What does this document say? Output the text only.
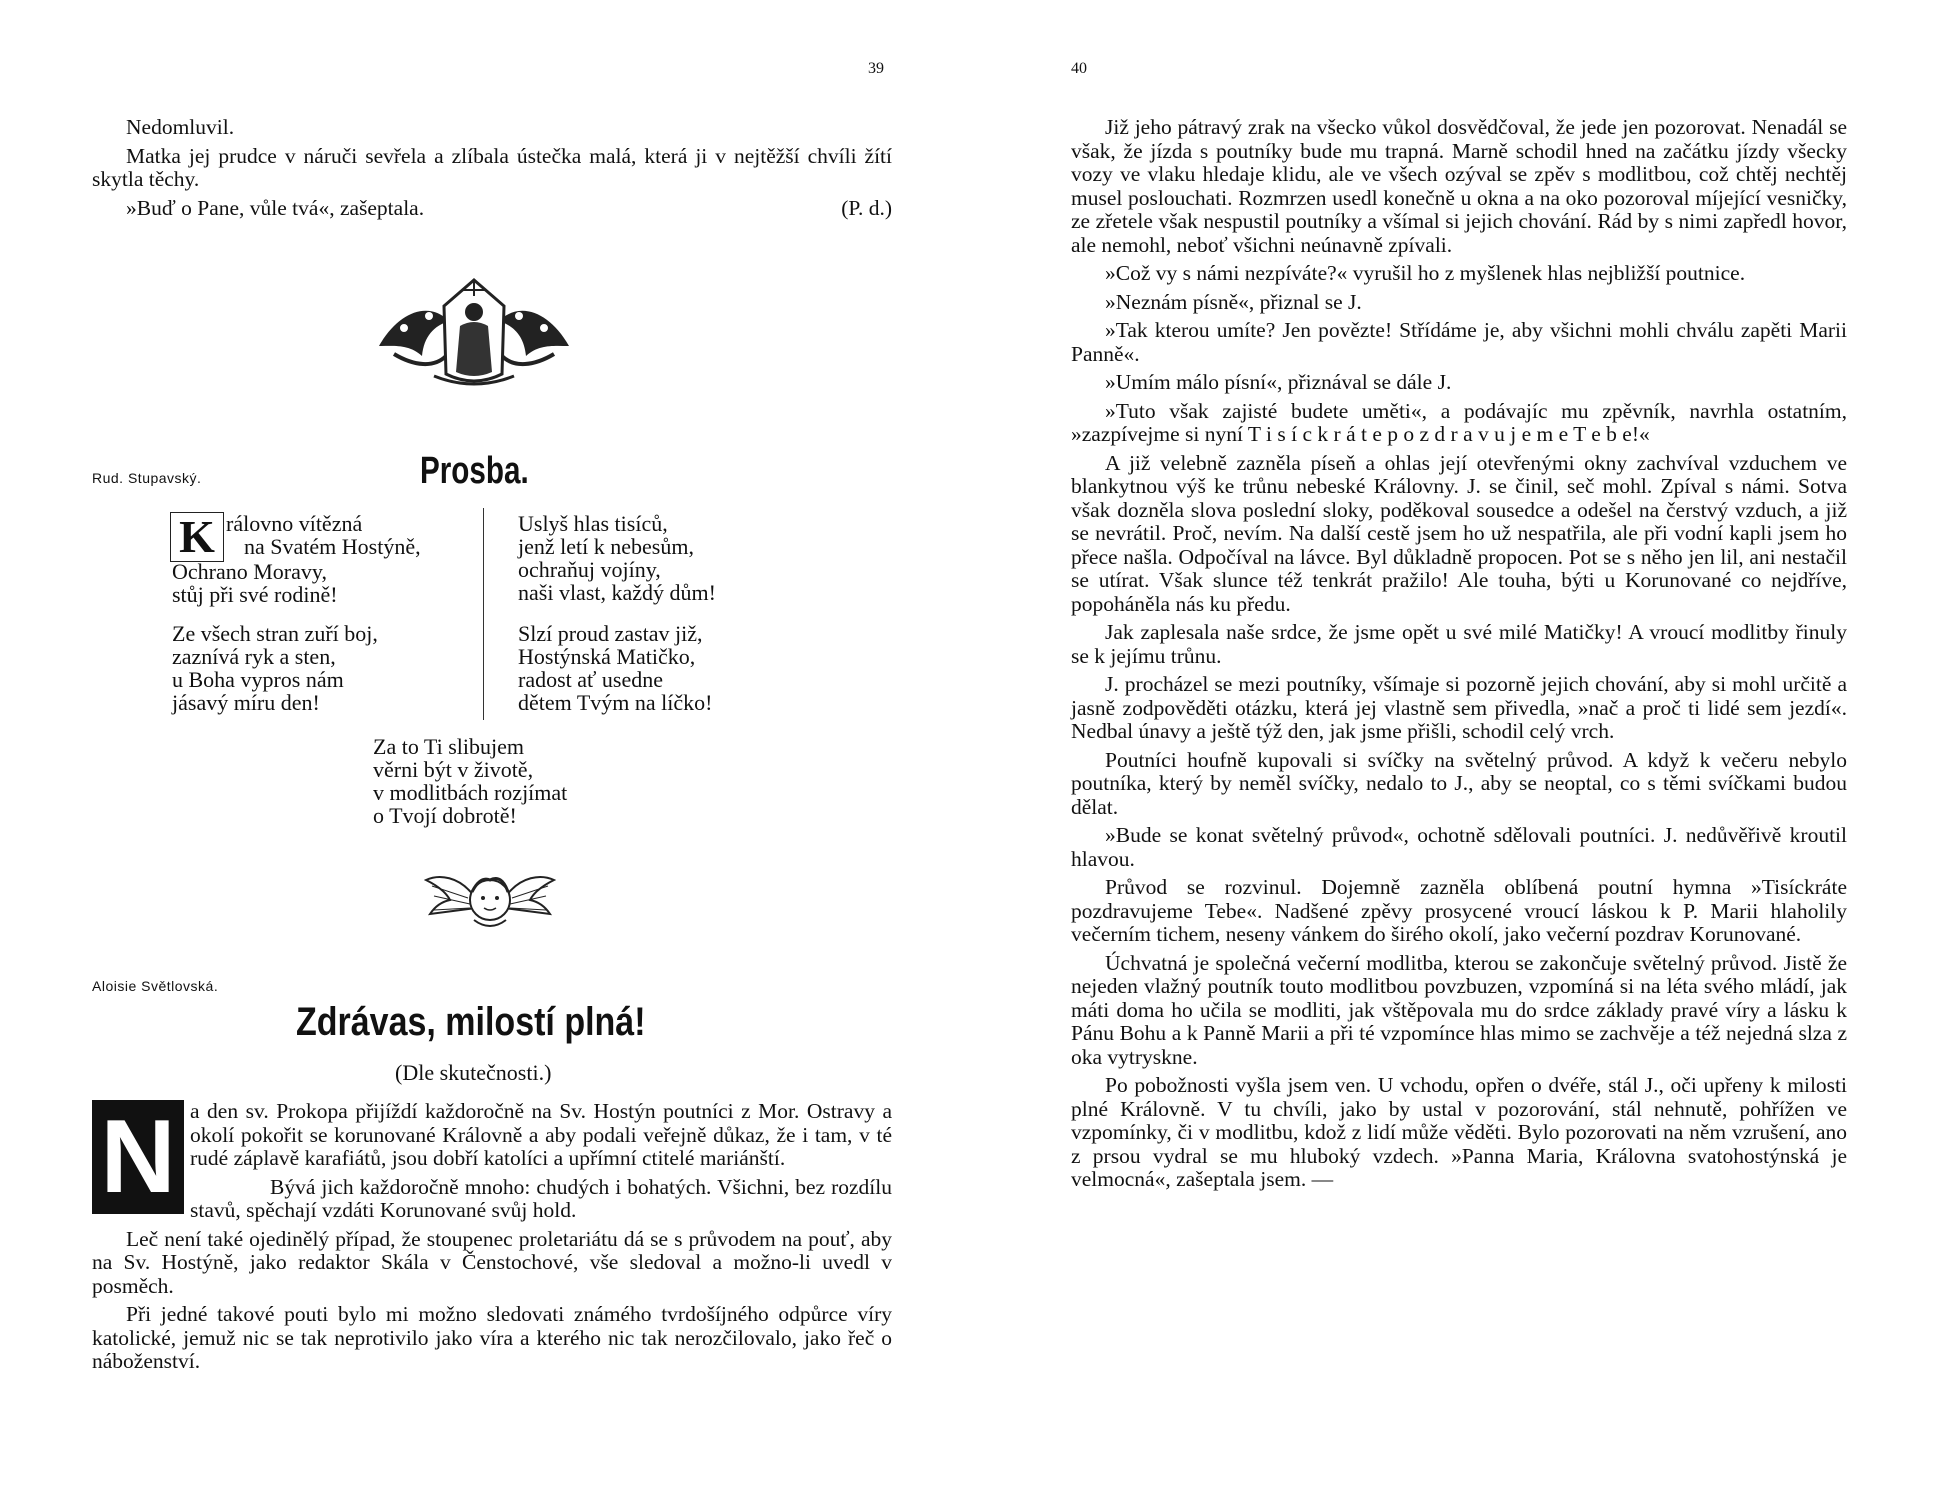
39

Nedomluvil.

Matka jej prudce v náruči sevřela a zlíbala ústečka malá, která ji v nejtěžší chvíli žítí skytla těchy.

»Buď o Pane, vůle tvá«, zašeptala.	(P. d.)
Rud. Stupavský.	Prosba.
K rálovno vítězná
na Svatém Hostýně,
Ochrano Moravy,
stůj při své rodině!
Ze všech stran zuří boj,
zaznívá ryk a sten,
u Boha vypros nám
jásavý míru den!
Uslyš hlas tisíců,
jenž letí k nebesům,
ochraňuj vojíny,
naši vlast, každý dům!
Slzí proud zastav již,
Hostýnská Matičko,
radost ať usedne
dětem Tvým na líčko!
Za to Ti slibujem
věrni být v životě,
v modlitbách rozjímat
o Tvojí dobrotě!
Aloisie Světlovská.
Zdrávas, milostí plná!
(Dle skutečnosti.)
N a den sv. Prokopa přijíždí každoročně na Sv. Hostýn poutníci z Mor. Ostravy a okolí pokořit se korunované Královně a aby podali veřejně důkaz, že i tam, v té rudé záplavě karafiátů, jsou dobří katolíci a upřímní ctitelé mariánští.

Bývá jich každoročně mnoho: chudých i bohatých. Všichni, bez rozdílu stavů, spěchají vzdáti Korunované svůj hold.

Leč není také ojedinělý případ, že stoupenec proletariátu dá se s průvodem na pouť, aby na Sv. Hostýně, jako redaktor Skála v Čenstochové, vše sledoval a možno-li uvedl v posměch.

Při jedné takové pouti bylo mi možno sledovati známého tvrdošíjného odpůrce víry katolické, jemuž nic se tak neprotivilo jako víra a kterého nic tak nerozčilovalo, jako řeč o náboženství.

40

Již jeho pátravý zrak na všecko vůkol dosvědčoval, že jede jen pozorovat. Nenadál se však, že jízda s poutníky bude mu trapná. Marně schodil hned na začátku jízdy všecky vozy ve vlaku hledaje klidu, ale ve všech ozýval se zpěv s modlitbou, což chtěj nechtěj musel poslouchati. Rozmrzen usedl konečně u okna a na oko pozoroval míjející vesničky, ze zřetele však nespustil poutníky a všímal si jejich chování. Rád by s nimi zapředl hovor, ale nemohl, neboť všichni neúnavně zpívali.

»Což vy s námi nezpíváte?« vyrušil ho z myšlenek hlas nejbližší poutnice.

»Neznám písně«, přiznal se J.

»Tak kterou umíte? Jen povězte! Střídáme je, aby všichni mohli chválu zapěti Marii Panně«.

»Umím málo písní«, přiznával se dále J.

»Tuto však zajisté budete uměti«, a podávajíc mu zpěvník, navrhla ostatním, »zazpívejme si nyní T i s í c k r á t e p o z d r a v u j e m e T e b e!«

A již velebně zazněla píseň a ohlas její otevřenými okny zachvíval vzduchem ve blankytnou výš ke trůnu nebeské Královny. J. se činil, seč mohl. Zpíval s námi. Sotva však dozněla slova poslední sloky, poděkoval sousedce a odešel na čerstvý vzduch, a již se nevrátil. Proč, nevím. Na další cestě jsem ho už nespatřila, ale při vodní kapli jsem ho přece našla. Odpočíval na lávce. Byl důkladně propocen. Pot se s něho jen lil, ani nestačil se utírat. Však slunce též tenkrát pražilo! Ale touha, býti u Korunované co nejdříve, popoháněla nás ku předu.

Jak zaplesala naše srdce, že jsme opět u své milé Matičky! A vroucí modlitby řinuly se k jejímu trůnu.

J. procházel se mezi poutníky, všímaje si pozorně jejich chování, aby si mohl určitě a jasně zodpověděti otázku, která jej vlastně sem přivedla, »nač a proč ti lidé sem jezdí«. Nedbal únavy a ještě týž den, jak jsme přišli, schodil celý vrch.

Poutníci houfně kupovali si svíčky na světelný průvod. A když k večeru nebylo poutníka, který by neměl svíčky, nedalo to J., aby se neoptal, co s těmi svíčkami budou dělat.

»Bude se konat světelný průvod«, ochotně sdělovali poutníci. J. nedůvěřivě kroutil hlavou.

Průvod se rozvinul. Dojemně zazněla oblíbená poutní hymna »Tisíckráte pozdravujeme Tebe«. Nadšené zpěvy prosycené vroucí láskou k P. Marii hlaholily večerním tichem, neseny vánkem do širého okolí, jako večerní pozdrav Korunované.

Úchvatná je společná večerní modlitba, kterou se zakončuje světelný průvod. Jistě že nejeden vlažný poutník touto modlitbou povzbuzen, vzpomíná si na léta svého mládí, jak máti doma ho učila se modliti, jak vštěpovala mu do srdce základy pravé víry a lásku k Pánu Bohu a k Panně Marii a při té vzpomínce hlas mimo se zachvěje a též nejedná slza z oka vytryskne.

Po pobožnosti vyšla jsem ven. U vchodu, opřen o dvéře, stál J., oči upřeny k milosti plné Královně. V tu chvíli, jako by ustal v pozorování, stál nehnutě, pohřížen ve vzpomínky, či v modlitbu, kdož z lidí může věděti. Bylo pozorovati na něm vzrušení, ano z prsou vydral se mu hluboký vzdech. »Panna Maria, Královna svatohostýnská je velmocná«, zašeptala jsem. —
